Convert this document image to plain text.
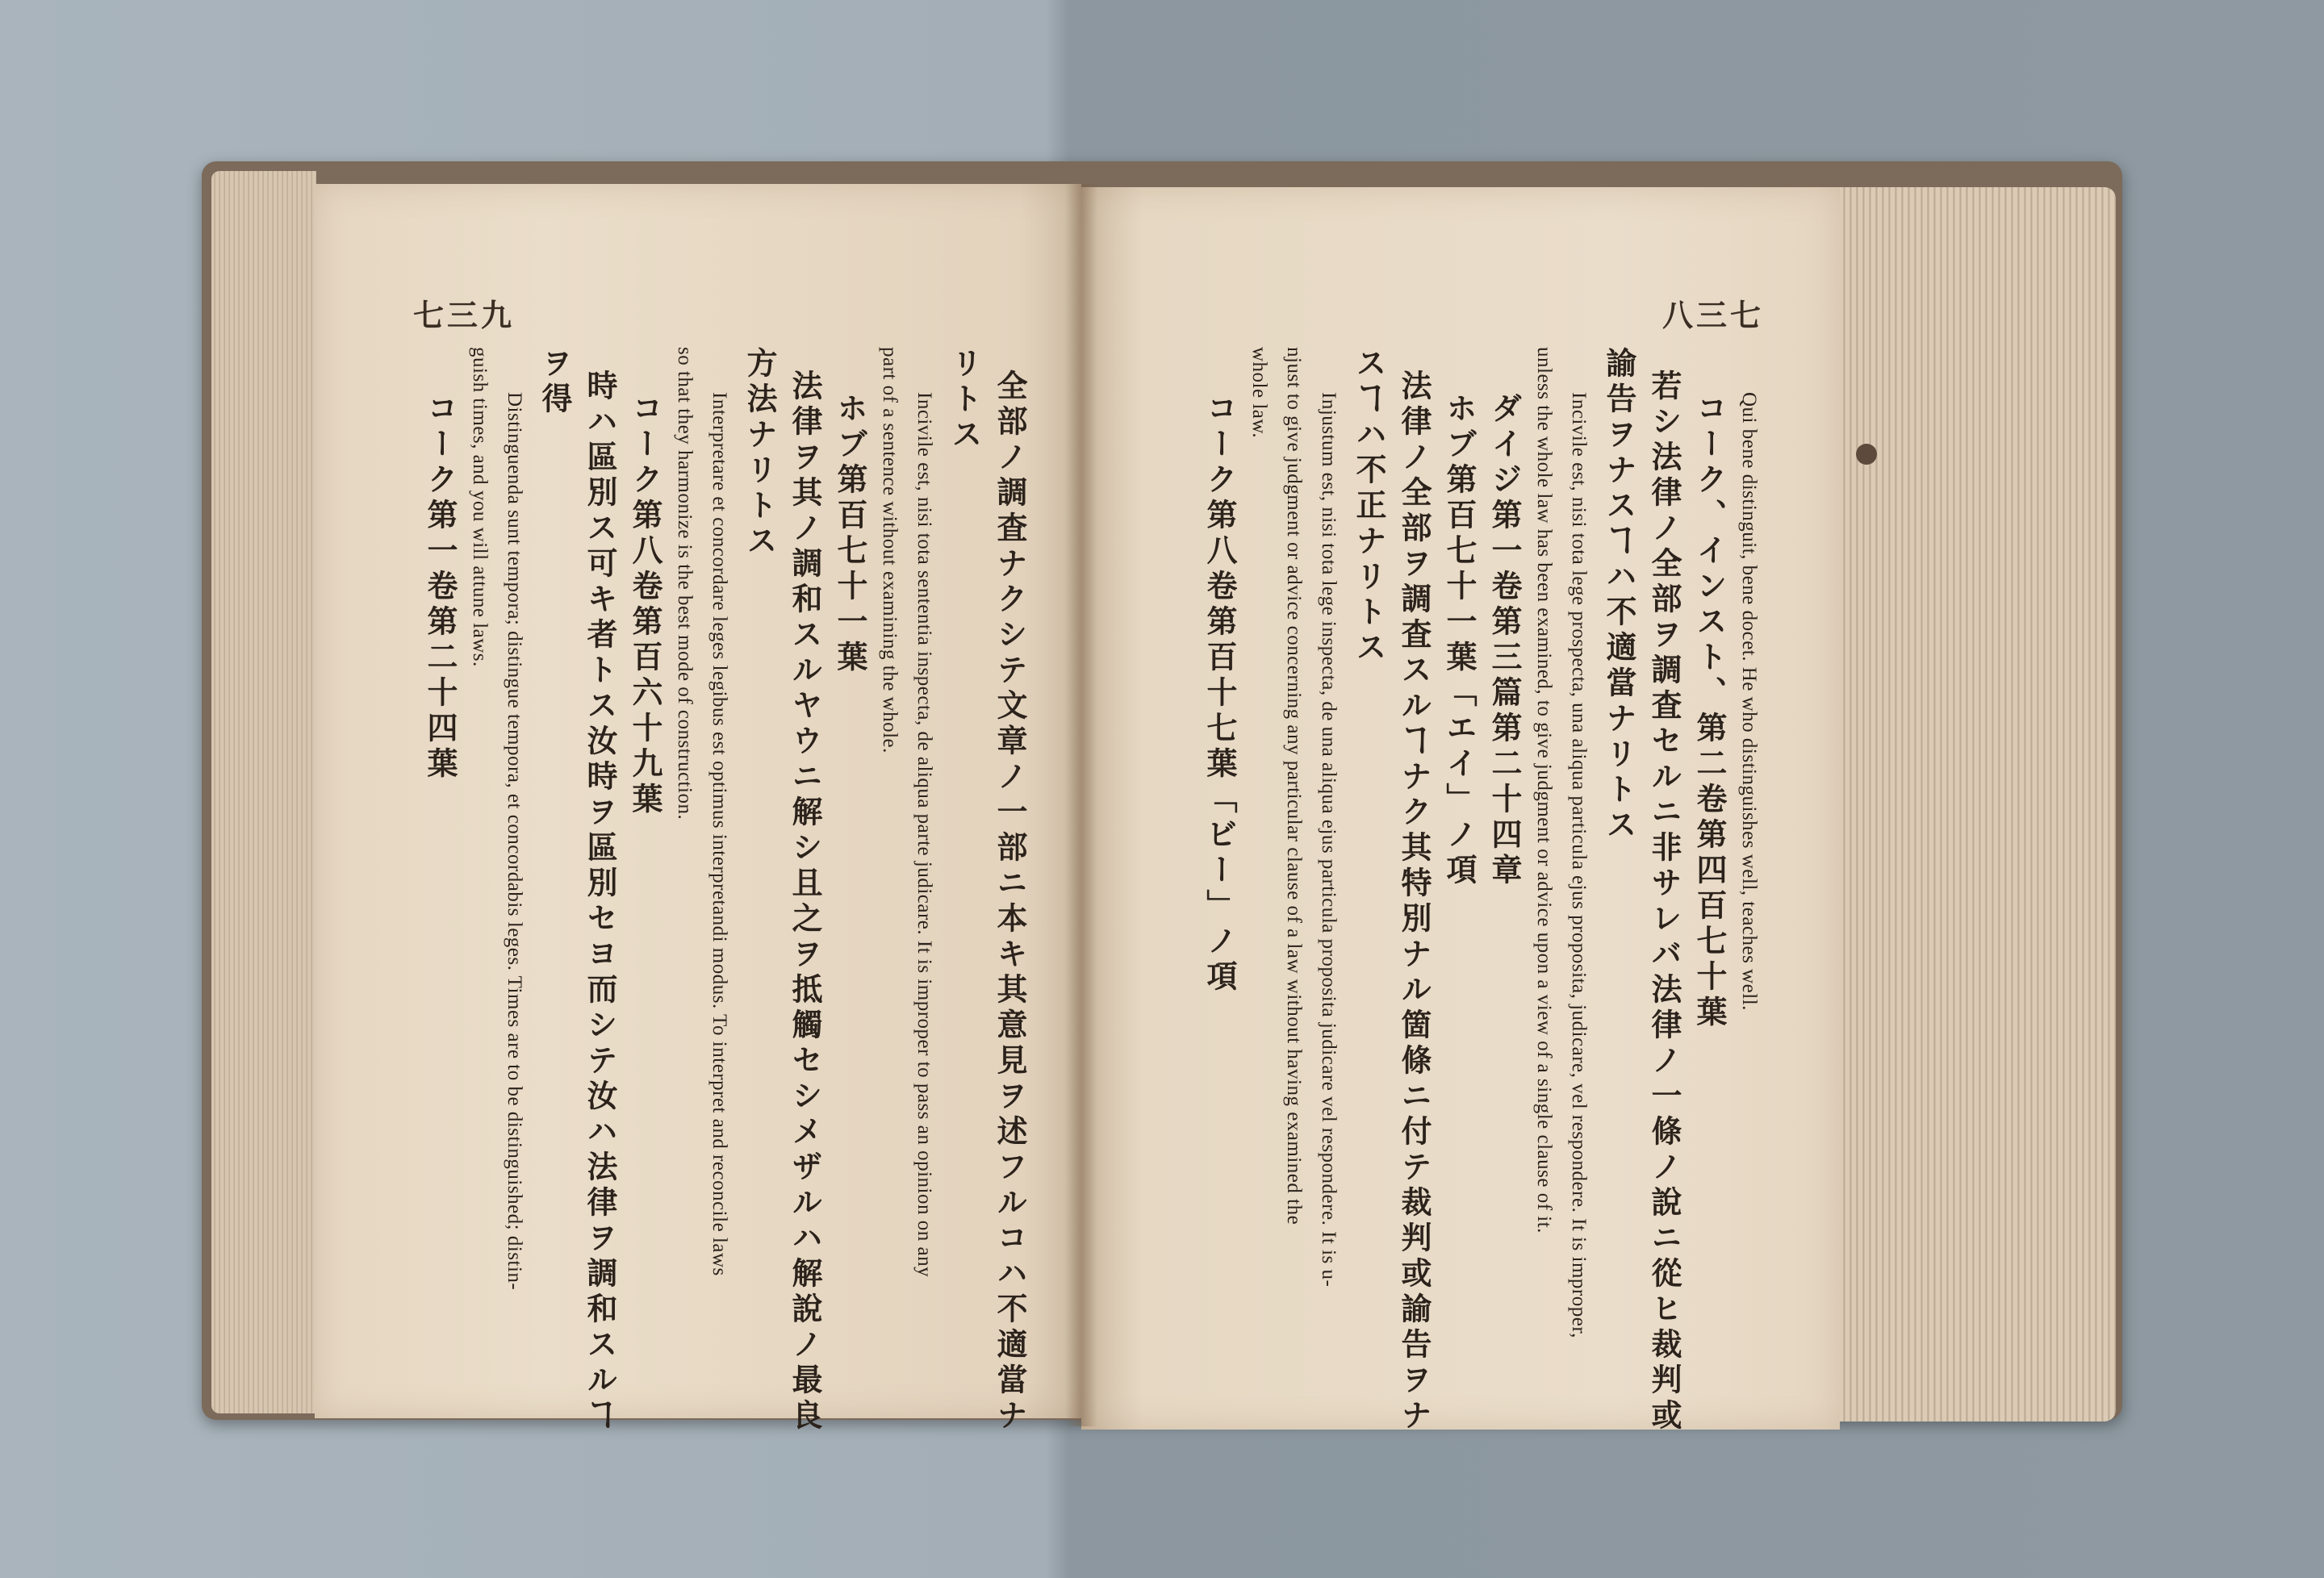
七三九	八三七
全部ノ調査ナクシテ文章ノ一部ニ本キ其意見ヲ述フルコハ不適當ナ
リトス
Incivile est, nisi tota sententia inspecta, de aliqua parte judicare. It is improper to pass an opinion on any
part of a sentence without examining the whole.
ホブ第百七十一葉
法律ヲ其ノ調和スルヤウニ解シ且之ヲ抵觸セシメザルハ解說ノ最良
方法ナリトス
Interpretare et concordare leges legibus est optimus interpretandi modus. To interpret and reconcile laws
so that they harmonize is the best mode of construction.
コーク第八卷第百六十九葉
時ハ區別ス可キ者トス汝時ヲ區別セヨ而シテ汝ハ法律ヲ調和スルヿ
ヲ得
Distinguenda sunt tempora; distingue tempora, et concordabis leges. Times are to be distinguished; distin-
guish times, and you will attune laws.
コーク第一卷第二十四葉	Qui bene distinguit, bene docet. He who distinguishes well, teaches well.
コーク、インスト、第二卷第四百七十葉
若シ法律ノ全部ヲ調査セルニ非サレバ法律ノ一條ノ說ニ從ヒ裁判或
諭告ヲナスヿハ不適當ナリトス
Incivile est, nisi tota lege prospecta, una aliqua particula ejus proposita, judicare, vel respondere. It is improper,
unless the whole law has been examined, to give judgment or advice upon a view of a single clause of it.
ダイジ第一卷第三篇第二十四章
ホブ第百七十一葉「エイ」ノ項
法律ノ全部ヲ調査スルヿナク其特別ナル箇條ニ付テ裁判或諭告ヲナ
スヿハ不正ナリトス
Injustum est, nisi tota lege inspecta, de una aliqua ejus particula proposita judicare vel respondere. It is u-
njust to give judgment or advice concerning any particular clause of a law without having examined the
whole law.
コーク第八卷第百十七葉「ビー」ノ項
